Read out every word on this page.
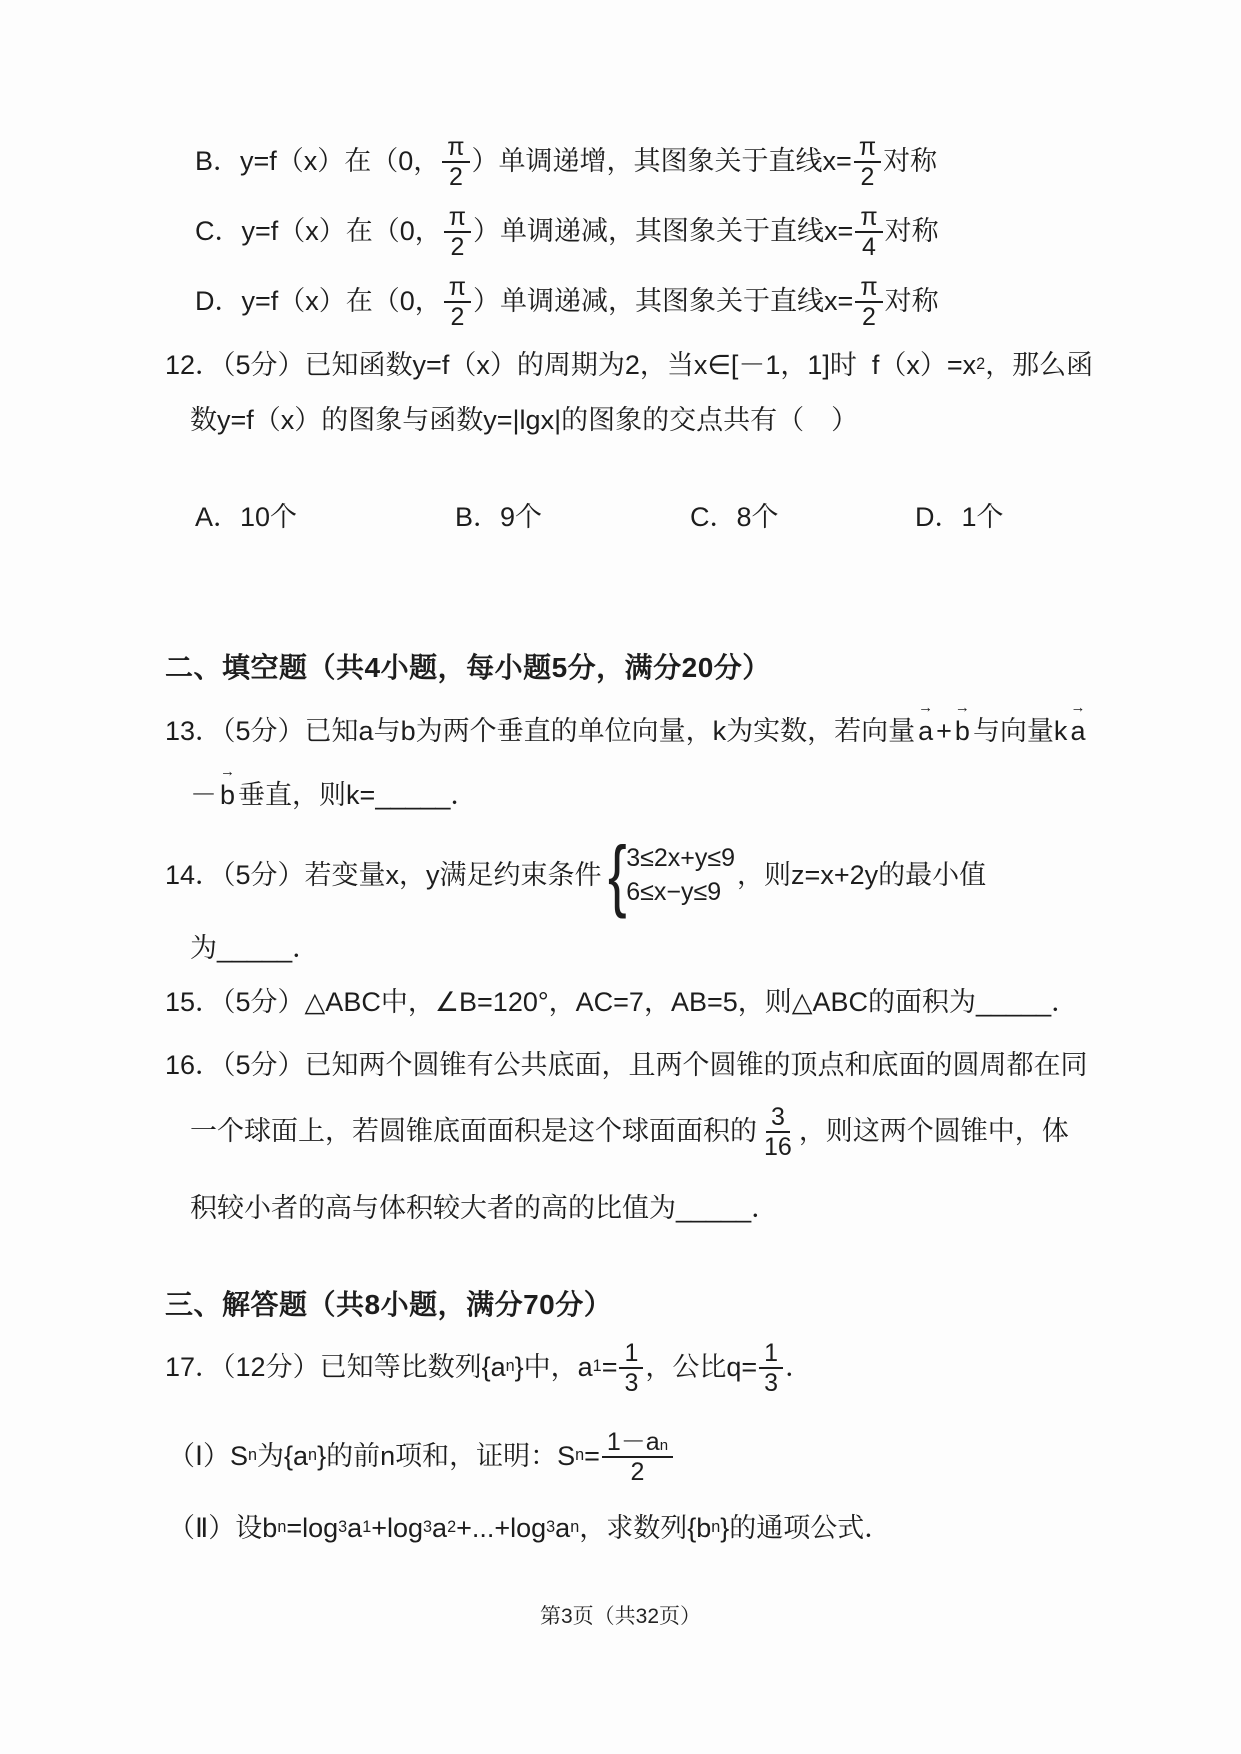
B．y=f（x）在（0， $\frac{\pi}{2}$ ）单调递增，其图象关于直线$x= \frac{\pi}{2}$ 对称
C．y=f（x）在（0， $\frac{\pi}{2}$ ）单调递减，其图象关于直线$x= \frac{\pi}{4}$ 对称
D．y=f（x）在（0， $\frac{\pi}{2}$ ）单调递减，其图象关于直线$x= \frac{\pi}{2}$ 对称
12．（5分）已知函数y=f（x）的周期为2，当x∈[－1，1]时  f（x）=x 2 ，那么函
数y=f（x）的图象与函数y=|lgx|的图象的交点共有（　）
A．10个	B．9个	C．8个	D．1个
二、填空题（共4小题，每小题5分，满分20分）
13．（5分）已知a与b为两个垂直的单位向量，k为实数，若向量 → a + → b 与向量k → a
－ → b 垂直，则k= _____ ．
14．（5分）若变量x，y满足约束条件 { 3≤2x+y≤9
6≤x−y≤9
，则z=x+2y的最小值
为 _____ ．
15．（5分）△ABC中，∠B=120°，AC=7，AB=5，则△ABC的面积为 _____ ．
16．（5分）已知两个圆锥有公共底面，且两个圆锥的顶点和底面的圆周都在同
一个球面上，若圆锥底面面积是这个球面面积的 $\frac{3}{16}$ ，则这两个圆锥中，体
积较小者的高与体积较大者的高的比值为 _____ ．
三、解答题（共8小题，满分70分）
17．（12分）已知等比数列{a n }中，a $1 = \frac{1}{3}$ ，公比$q= \frac{1}{3}$ ．
（Ⅰ）S n 为{a n }的前n项和，证明：S $n = \frac{\text{1－a n}}{2}$
（Ⅱ）设b n =log 3 a 1 +log 3 a 2 +...+log 3 a n ，求数列{b n }的通项公式．
第3页（共32页）
